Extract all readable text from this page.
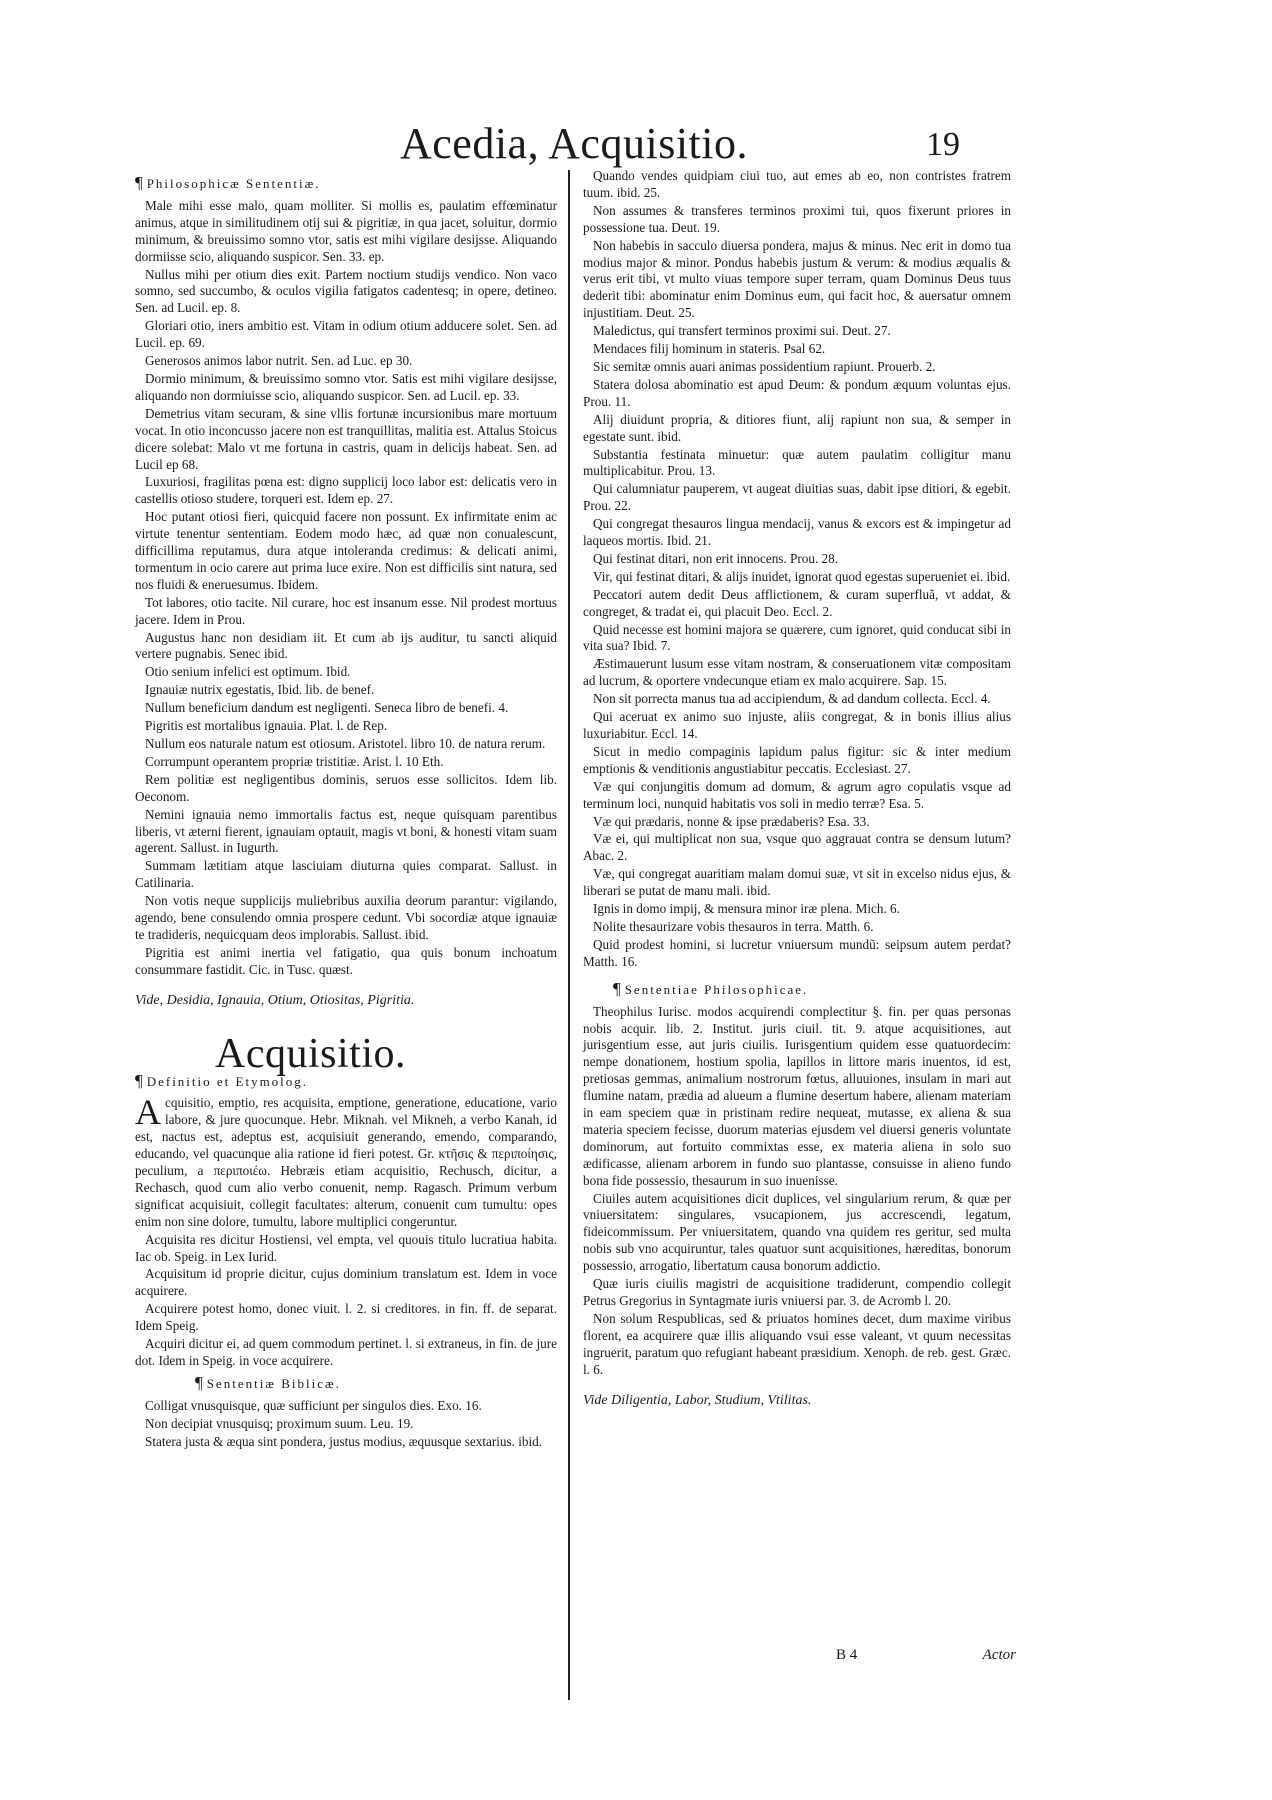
Acedia, Acquisitio.	19
¶ Philosophicæ Sententiæ.

Male mihi esse malo, quam molliter. Si mollis es, paulatim effœminatur animus, atque in similitudinem otij sui & pigritiæ, in qua jacet, soluitur, dormio minimum, & breuissimo somno vtor, satis est mihi vigilare desijsse. Aliquando dormiisse scio, aliquando suspicor. Sen. 33. ep.

Nullus mihi per otium dies exit. Partem noctium studijs vendico. Non vaco somno, sed succumbo, & oculos vigilia fatigatos cadentesq; in opere, detineo. Sen. ad Lucil. ep. 8.

Gloriari otio, iners ambitio est. Vitam in odium otium adducere solet. Sen. ad Lucil. ep. 69.

Generosos animos labor nutrit. Sen. ad Luc. ep 30.

Dormio minimum, & breuissimo somno vtor. Satis est mihi vigilare desijsse, aliquando non dormiuisse scio, aliquando suspicor. Sen. ad Lucil. ep. 33.

Demetrius vitam securam, & sine vllis fortunæ incursionibus mare mortuum vocat. In otio inconcusso jacere non est tranquillitas, malitia est. Attalus Stoicus dicere solebat: Malo vt me fortuna in castris, quam in delicijs habeat. Sen. ad Lucil ep 68.

Luxuriosi, fragilitas pœna est: digno supplicij loco labor est: delicatis vero in castellis otioso studere, torqueri est. Idem ep. 27.

Hoc putant otiosi fieri, quicquid facere non possunt. Ex infirmitate enim ac virtute tenentur sententiam. Eodem modo hæc, ad quæ non conualescunt, difficillima reputamus, dura atque intoleranda credimus: & delicati animi, tormentum in ocio carere aut prima luce exire. Non est difficilis sint natura, sed nos fluidi & eneruesumus. Ibidem.

Tot labores, otio tacite. Nil curare, hoc est insanum esse. Nil prodest mortuus jacere. Idem in Prou.

Augustus hanc non desidiam iit. Et cum ab ijs auditur, tu sancti aliquid vertere pugnabis. Senec ibid.

Otio senium infelici est optimum. Ibid.

Ignauiæ nutrix egestatis, Ibid. lib. de benef.

Nullum beneficium dandum est negligenti. Seneca libro de benefi. 4.

Pigritis est mortalibus ignauia. Plat. l. de Rep.

Nullum eos naturale natum est otiosum. Aristotel. libro 10. de natura rerum.

Corrumpunt operantem propriæ tristitiæ. Arist. l. 10 Eth.

Rem politiæ est negligentibus dominis, seruos esse sollicitos. Idem lib. Oeconom.

Nemini ignauia nemo immortalis factus est, neque quisquam parentibus liberis, vt æterni fierent, ignauiam optauit, magis vt boni, & honesti vitam suam agerent. Sallust. in Iugurth.

Summam lætitiam atque lasciuiam diuturna quies comparat. Sallust. in Catilinaria.

Non votis neque supplicijs muliebribus auxilia deorum parantur: vigilando, agendo, bene consulendo omnia prospere cedunt. Vbi socordiæ atque ignauiæ te tradideris, nequicquam deos implorabis. Sallust. ibid.

Pigritia est animi inertia vel fatigatio, qua quis bonum inchoatum consummare fastidit. Cic. in Tusc. quæst.

Vide, Desidia, Ignauia, Otium, Otiositas, Pigritia.

Acquisitio.
¶ Definitio et Etymolog.

Acquisitio, emptio, res acquisita, emptione, generatione, educatione, vario labore, & jure quocunque. Hebr. Miknah. vel Mikneh, a verbo Kanah, id est, nactus est, adeptus est, acquisiuit generando, emendo, comparando, educando, vel quacunque alia ratione id fieri potest. Gr. κτῆσις & περιποίησις, peculium, a περιποιέω. Hebræis etiam acquisitio, Rechusch, dicitur, a Rechasch, quod cum alio verbo conuenit, nemp. Ragasch. Primum verbum significat acquisiuit, collegit facultates: alterum, conuenit cum tumultu: opes enim non sine dolore, tumultu, labore multiplici congeruntur.

Acquisita res dicitur Hostiensi, vel empta, vel quouis titulo lucratiua habita. Iac ob. Speig. in Lex Iurid.

Acquisitum id proprie dicitur, cujus dominium translatum est. Idem in voce acquirere.

Acquirere potest homo, donec viuit. l. 2. si creditores. in fin. ff. de separat. Idem Speig.

Acquiri dicitur ei, ad quem commodum pertinet. l. si extraneus, in fin. de jure dot. Idem in Speig. in voce acquirere.

¶ Sententiæ Biblicæ.

Colligat vnusquisque, quæ sufficiunt per singulos dies. Exo. 16.

Non decipiat vnusquisq; proximum suum. Leu. 19.

Statera justa & æqua sint pondera, justus modius, æquusque sextarius. ibid.

Quando vendes quidpiam ciui tuo, aut emes ab eo, non contristes fratrem tuum. ibid. 25.

Non assumes & transferes terminos proximi tui, quos fixerunt priores in possessione tua. Deut. 19.

Non habebis in sacculo diuersa pondera, majus & minus. Nec erit in domo tua modius major & minor. Pondus habebis justum & verum: & modius æqualis & verus erit tibi, vt multo viuas tempore super terram, quam Dominus Deus tuus dederit tibi: abominatur enim Dominus eum, qui facit hoc, & auersatur omnem injustitiam. Deut. 25.

Maledictus, qui transfert terminos proximi sui. Deut. 27.

Mendaces filij hominum in stateris. Psal 62.

Sic semitæ omnis auari animas possidentium rapiunt. Prouerb. 2.

Statera dolosa abominatio est apud Deum: & pondum æquum voluntas ejus. Prou. 11.

Alij diuidunt propria, & ditiores fiunt, alij rapiunt non sua, & semper in egestate sunt. ibid.

Substantia festinata minuetur: quæ autem paulatim colligitur manu multiplicabitur. Prou. 13.

Qui calumniatur pauperem, vt augeat diuitias suas, dabit ipse ditiori, & egebit. Prou. 22.

Qui congregat thesauros lingua mendacij, vanus & excors est & impingetur ad laqueos mortis. Ibid. 21.

Qui festinat ditari, non erit innocens. Prou. 28.

Vir, qui festinat ditari, & alijs inuidet, ignorat quod egestas superueniet ei. ibid.

Peccatori autem dedit Deus afflictionem, & curam superfluã, vt addat, & congreget, & tradat ei, qui placuit Deo. Eccl. 2.

Quid necesse est homini majora se quærere, cum ignoret, quid conducat sibi in vita sua? Ibid. 7.

Æstimauerunt lusum esse vitam nostram, & conseruationem vitæ compositam ad lucrum, & oportere vndecunque etiam ex malo acquirere. Sap. 15.

Non sit porrecta manus tua ad accipiendum, & ad dandum collecta. Eccl. 4.

Qui aceruat ex animo suo injuste, aliis congregat, & in bonis illius alius luxuriabitur. Eccl. 14.

Sicut in medio compaginis lapidum palus figitur: sic & inter medium emptionis & venditionis angustiabitur peccatis. Ecclesiast. 27.

Væ qui conjungitis domum ad domum, & agrum agro copulatis vsque ad terminum loci, nunquid habitatis vos soli in medio terræ? Esa. 5.

Væ qui prædaris, nonne & ipse prædaberis? Esa. 33.

Væ ei, qui multiplicat non sua, vsque quo aggrauat contra se densum lutum? Abac. 2.

Væ, qui congregat auaritiam malam domui suæ, vt sit in excelso nidus ejus, & liberari se putat de manu mali. ibid.

Ignis in domo impij, & mensura minor iræ plena. Mich. 6.

Nolite thesaurizare vobis thesauros in terra. Matth. 6.

Quid prodest homini, si lucretur vniuersum mundũ: seipsum autem perdat? Matth. 16.

¶ Sententiae Philosophicae.

Theophilus Iurisc. modos acquirendi complectitur §. fin. per quas personas nobis acquir. lib. 2. Institut. juris ciuil. tit. 9. atque acquisitiones, aut jurisgentium esse, aut juris ciuilis. Iurisgentium quidem esse quatuordecim: nempe donationem, hostium spolia, lapillos in littore maris inuentos, id est, pretiosas gemmas, animalium nostrorum fœtus, alluuiones, insulam in mari aut flumine natam, prædia ad alueum a flumine desertum habere, alienam materiam in eam speciem quæ in pristinam redire nequeat, mutasse, ex aliena & sua materia speciem fecisse, duorum materias ejusdem vel diuersi generis voluntate dominorum, aut fortuito commixtas esse, ex materia aliena in solo suo ædificasse, alienam arborem in fundo suo plantasse, consuisse in alieno fundo bona fide possessio, thesaurum in suo inuenisse.

Ciuiles autem acquisitiones dicit duplices, vel singularium rerum, & quæ per vniuersitatem: singulares, vsucapionem, jus accrescendi, legatum, fideicommissum. Per vniuersitatem, quando vna quidem res geritur, sed multa nobis sub vno acquiruntur, tales quatuor sunt acquisitiones, hæreditas, bonorum possessio, arrogatio, libertatum causa bonorum addictio.

Quæ iuris ciuilis magistri de acquisitione tradiderunt, compendio collegit Petrus Gregorius in Syntagmate iuris vniuersi par. 3. de Acromb l. 20.

Non solum Respublicas, sed & priuatos homines decet, dum maxime viribus florent, ea acquirere quæ illis aliquando vsui esse valeant, vt quum necessitas ingruerit, paratum quo refugiant habeant præsidium. Xenoph. de reb. gest. Græc. l. 6.

Vide Diligentia, Labor, Studium, Vtilitas.

B 4	Actor
